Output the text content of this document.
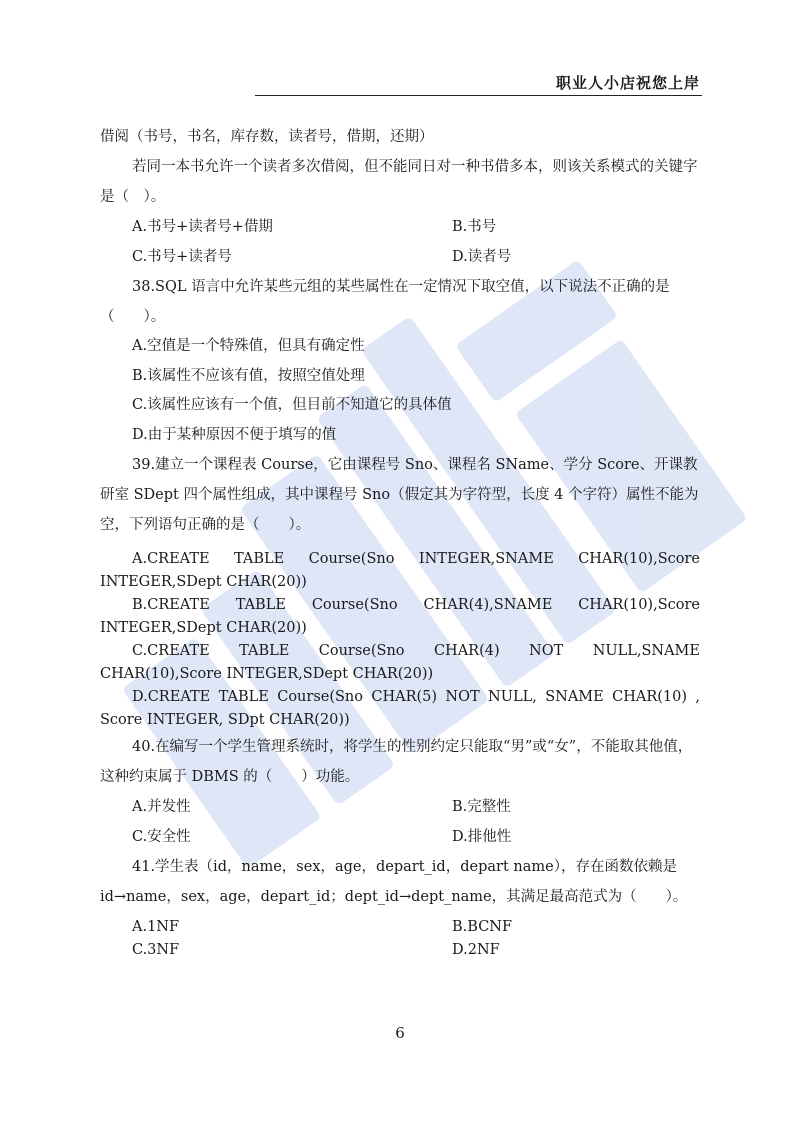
职业人小店祝您上岸

借阅（书号，书名，库存数，读者号，借期，还期）

若同一本书允许一个读者多次借阅，但不能同日对一种书借多本，则该关系模式的关键字是（　）。

A.书号+读者号+借期	B.书号
C.书号+读者号	D.读者号

38.SQL 语言中允许某些元组的某些属性在一定情况下取空值，以下说法不正确的是（　　）。

A.空值是一个特殊值，但具有确定性

B.该属性不应该有值，按照空值处理

C.该属性应该有一个值，但目前不知道它的具体值

D.由于某种原因不便于填写的值

39.建立一个课程表 Course，它由课程号 Sno、课程名 SName、学分 Score、开课教研室 SDept 四个属性组成，其中课程号 Sno（假定其为字符型，长度 4 个字符）属性不能为空，下列语句正确的是（　　）。

A.CREATE TABLE Course(Sno INTEGER,SNAME CHAR(10),Score INTEGER,SDept CHAR(20))

B.CREATE TABLE Course(Sno CHAR(4),SNAME CHAR(10),Score INTEGER,SDept CHAR(20))

C.CREATE TABLE Course(Sno CHAR(4) NOT NULL,SNAME CHAR(10),Score INTEGER,SDept CHAR(20))

D.CREATE TABLE Course(Sno CHAR(5) NOT NULL, SNAME CHAR(10) , Score INTEGER, SDpt CHAR(20))

40.在编写一个学生管理系统时，将学生的性别约定只能取“男”或“女”，不能取其他值，这种约束属于 DBMS 的（　　）功能。

A.并发性	B.完整性
C.安全性	D.排他性

41.学生表（id，name，sex，age，depart_id，depart name），存在函数依赖是 id→name，sex，age，depart_id；dept_id→dept_name，其满足最高范式为（　　）。

A.1NF	B.BCNF
C.3NF	D.2NF
6
